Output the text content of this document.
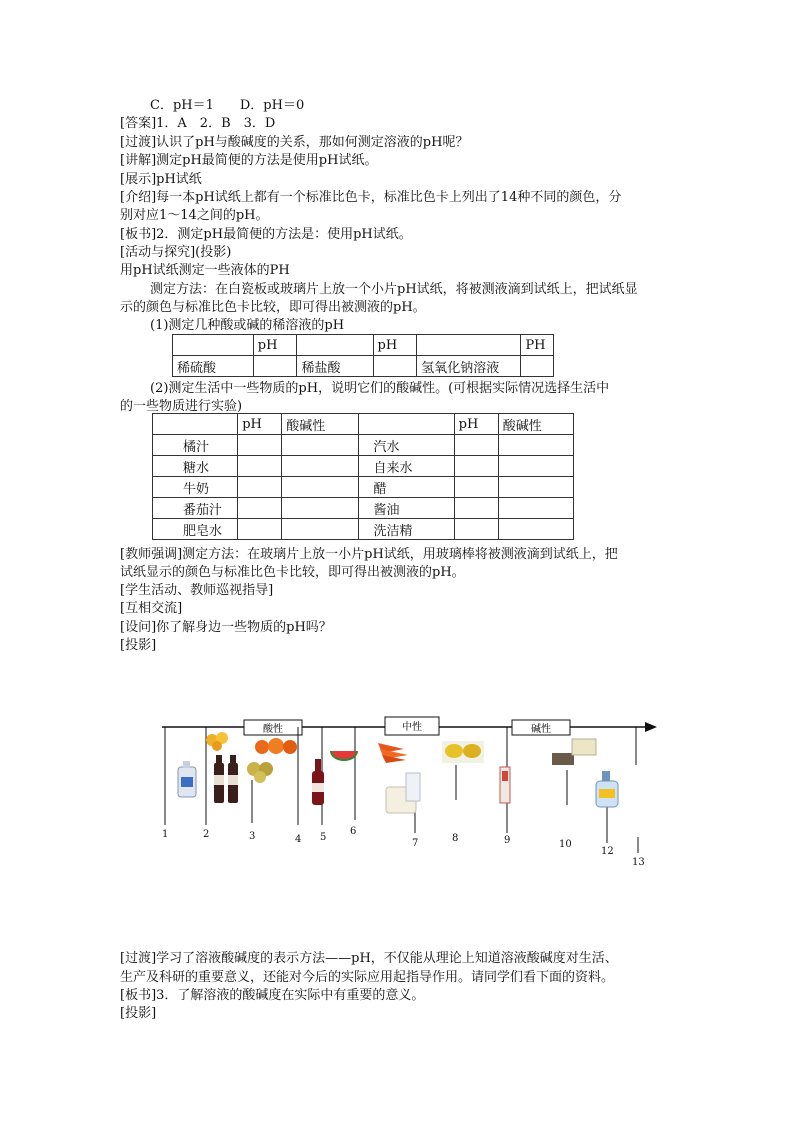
C．pH＝1　　D．pH＝0
[答案]1．A　2．B　3．D
[过渡]认识了pH与酸碱度的关系，那如何测定溶液的pH呢？
[讲解]测定pH最简便的方法是使用pH试纸。
[展示]pH试纸
[介绍]每一本pH试纸上都有一个标准比色卡，标准比色卡上列出了14种不同的颜色，分
别对应1～14之间的pH。
[板书]2．测定pH最简便的方法是：使用pH试纸。
[活动与探究](投影)
用pH试纸测定一些液体的PH
测定方法：在白瓷板或玻璃片上放一个小片pH试纸，将被测液滴到试纸上，把试纸显
示的颜色与标准比色卡比较，即可得出被测液的pH。
(1)测定几种酸或碱的稀溶液的pH
	pH		pH		PH
稀硫酸		稀盐酸		氢氧化钠溶液	
(2)测定生活中一些物质的pH，说明它们的酸碱性。(可根据实际情况选择生活中
的一些物质进行实验)
	pH	酸碱性		pH	酸碱性
橘汁			汽水		
糖水			自来水		
牛奶			醋		
番茄汁			酱油		
肥皂水			洗洁精		
[教师强调]测定方法：在玻璃片上放一小片pH试纸，用玻璃棒将被测液滴到试纸上，把
试纸显示的颜色与标准比色卡比较，即可得出被测液的pH。
[学生活动、教师巡视指导]
[互相交流]
[设问]你了解身边一些物质的pH吗？
[投影]
酸性	中性	碱性
1	2	3	4 5
6
7	8	9	10
12
13
[过渡]学习了溶液酸碱度的表示方法——pH，不仅能从理论上知道溶液酸碱度对生活、
生产及科研的重要意义，还能对今后的实际应用起指导作用。请同学们看下面的资料。
[板书]3．了解溶液的酸碱度在实际中有重要的意义。
[投影]
